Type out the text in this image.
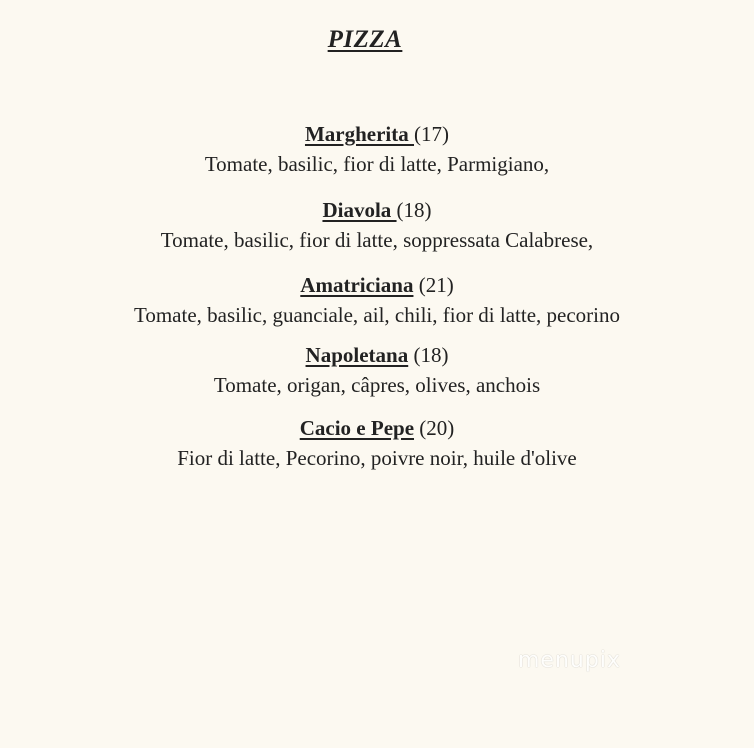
PIZZA
Margherita (17)
Tomate, basilic, fior di latte, Parmigiano,
Diavola (18)
Tomate, basilic, fior di latte, soppressata Calabrese,
Amatriciana (21)
Tomate, basilic, guanciale, ail, chili, fior di latte, pecorino
Napoletana (18)
Tomate, origan, câpres, olives, anchois
Cacio e Pepe (20)
Fior di latte, Pecorino, poivre noir, huile d'olive
menupix
